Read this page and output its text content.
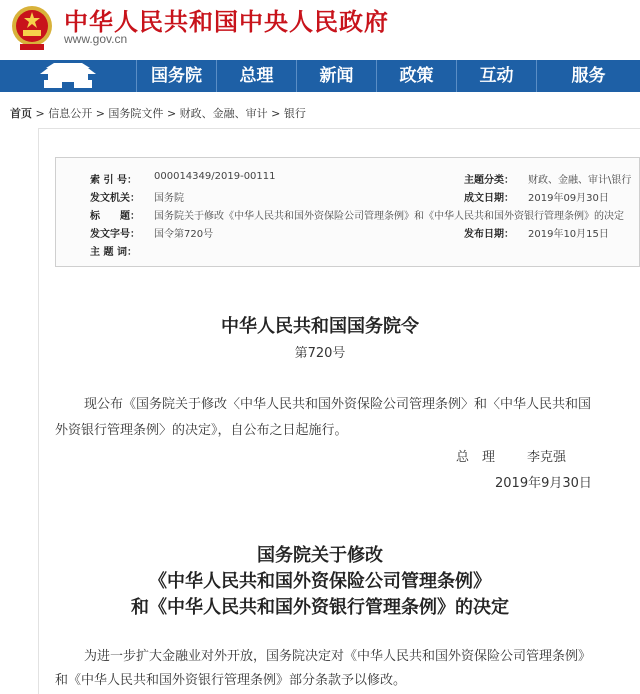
中华人民共和国中央人民政府
www.gov.cn
国务院	总理	新闻	政策	互动	服务
首页 > 信息公开 > 国务院文件 > 财政、金融、审计 > 银行
索 引 号： 000014349/2019-00111	主题分类： 财政、金融、审计\银行
发文机关： 国务院	成文日期： 2019年09月30日
标　　题： 国务院关于修改《中华人民共和国外资保险公司管理条例》和《中华人民共和国外资银行管理条例》的决定
发文字号： 国令第720号	发布日期： 2019年10月15日
主 题 词：
中华人民共和国国务院令
第720号
现公布《国务院关于修改〈中华人民共和国外资保险公司管理条例〉和〈中华人民共和国
外资银行管理条例〉的决定》，自公布之日起施行。
总　理 李克强
2019年9月30日
国务院关于修改
《中华人民共和国外资保险公司管理条例》
和《中华人民共和国外资银行管理条例》的决定
为进一步扩大金融业对外开放，国务院决定对《中华人民共和国外资保险公司管理条例》
和《中华人民共和国外资银行管理条例》部分条款予以修改。
